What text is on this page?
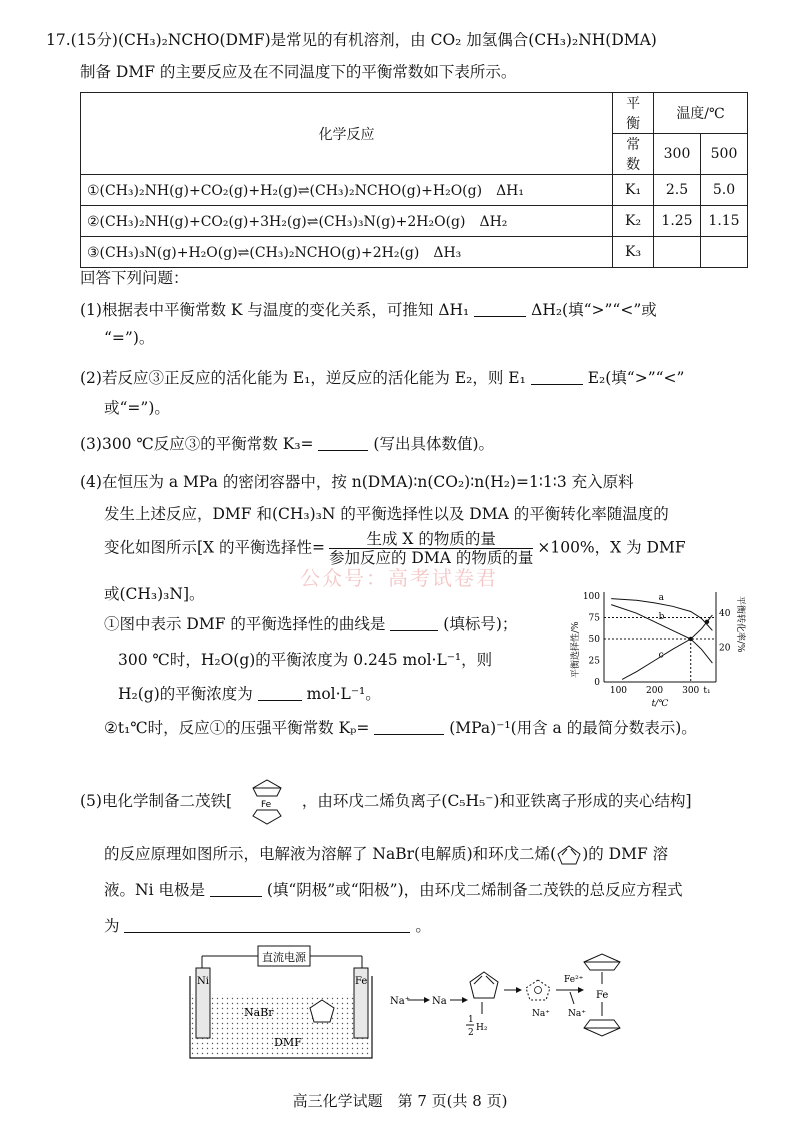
17.(15分)(CH₃)₂NCHO(DMF)是常见的有机溶剂，由 CO₂ 加氢偶合(CH₃)₂NH(DMA)
制备 DMF 的主要反应及在不同温度下的平衡常数如下表所示。
化学反应	平衡	温度/℃	
	常数	300	500
①(CH₃)₂NH(g)+CO₂(g)+H₂(g)⇌(CH₃)₂NCHO(g)+H₂O(g)　ΔH₁	K₁	2.5	5.0
②(CH₃)₂NH(g)+CO₂(g)+3H₂(g)⇌(CH₃)₃N(g)+2H₂O(g)　ΔH₂	K₂	1.25	1.15
③(CH₃)₃N(g)+H₂O(g)⇌(CH₃)₂NCHO(g)+2H₂(g)　ΔH₃	K₃		
回答下列问题：
(1)根据表中平衡常数 K 与温度的变化关系，可推知 ΔH₁	ΔH₂(填“>”“<”或
“=”)。
(2)若反应③正反应的活化能为 E₁，逆反应的活化能为 E₂，则 E₁	E₂(填“>”“<”
或“=”)。
(3)300 ℃反应③的平衡常数 K₃=	(写出具体数值)。
(4)在恒压为 a MPa 的密闭容器中，按 n(DMA)∶n(CO₂)∶n(H₂)=1∶1∶3 充入原料
发生上述反应，DMF 和(CH₃)₃N 的平衡选择性以及 DMA 的平衡转化率随温度的
变化如图所示[X 的平衡选择性= $\frac{\text{生成 X 的物质的量}}{\text{参加反应的 DMA 的物质的量}} \times 100\%$，X 为 DMF
或(CH₃)₃N]。
①图中表示 DMF 的平衡选择性的曲线是	(填标号)；
300 ℃时，H₂O(g)的平衡浓度为 0.245 mol·L⁻¹，则
H₂(g)的平衡浓度为	mol·L⁻¹。
②t₁℃时，反应①的压强平衡常数 Kₚ=	(MPa)⁻¹(用含 a 的最简分数表示)。
0
25
50
75
100
20
40
100 200 300 t₁
t/℃
平衡选择性/%	平衡转化率/%
a
b
c
公众号：高考试卷君
(5)电化学制备二茂铁[	Fe ，由环戊二烯负离子(C₅H₅⁻)和亚铁离子形成的夹心结构]
的反应原理如图所示，电解液为溶解了 NaBr(电解质)和环戊二烯( )的 DMF 溶
液。Ni 电极是	(填“阴极”或“阳极”)，由环戊二烯制备二茂铁的总反应方程式
为	。
直流电源
Ni	Fe
NaBr
DMF
Na⁺ Na
1
2 H₂
Na⁺
Fe²⁺
Na⁺
Fe
高三化学试题　第 7 页(共 8 页)
